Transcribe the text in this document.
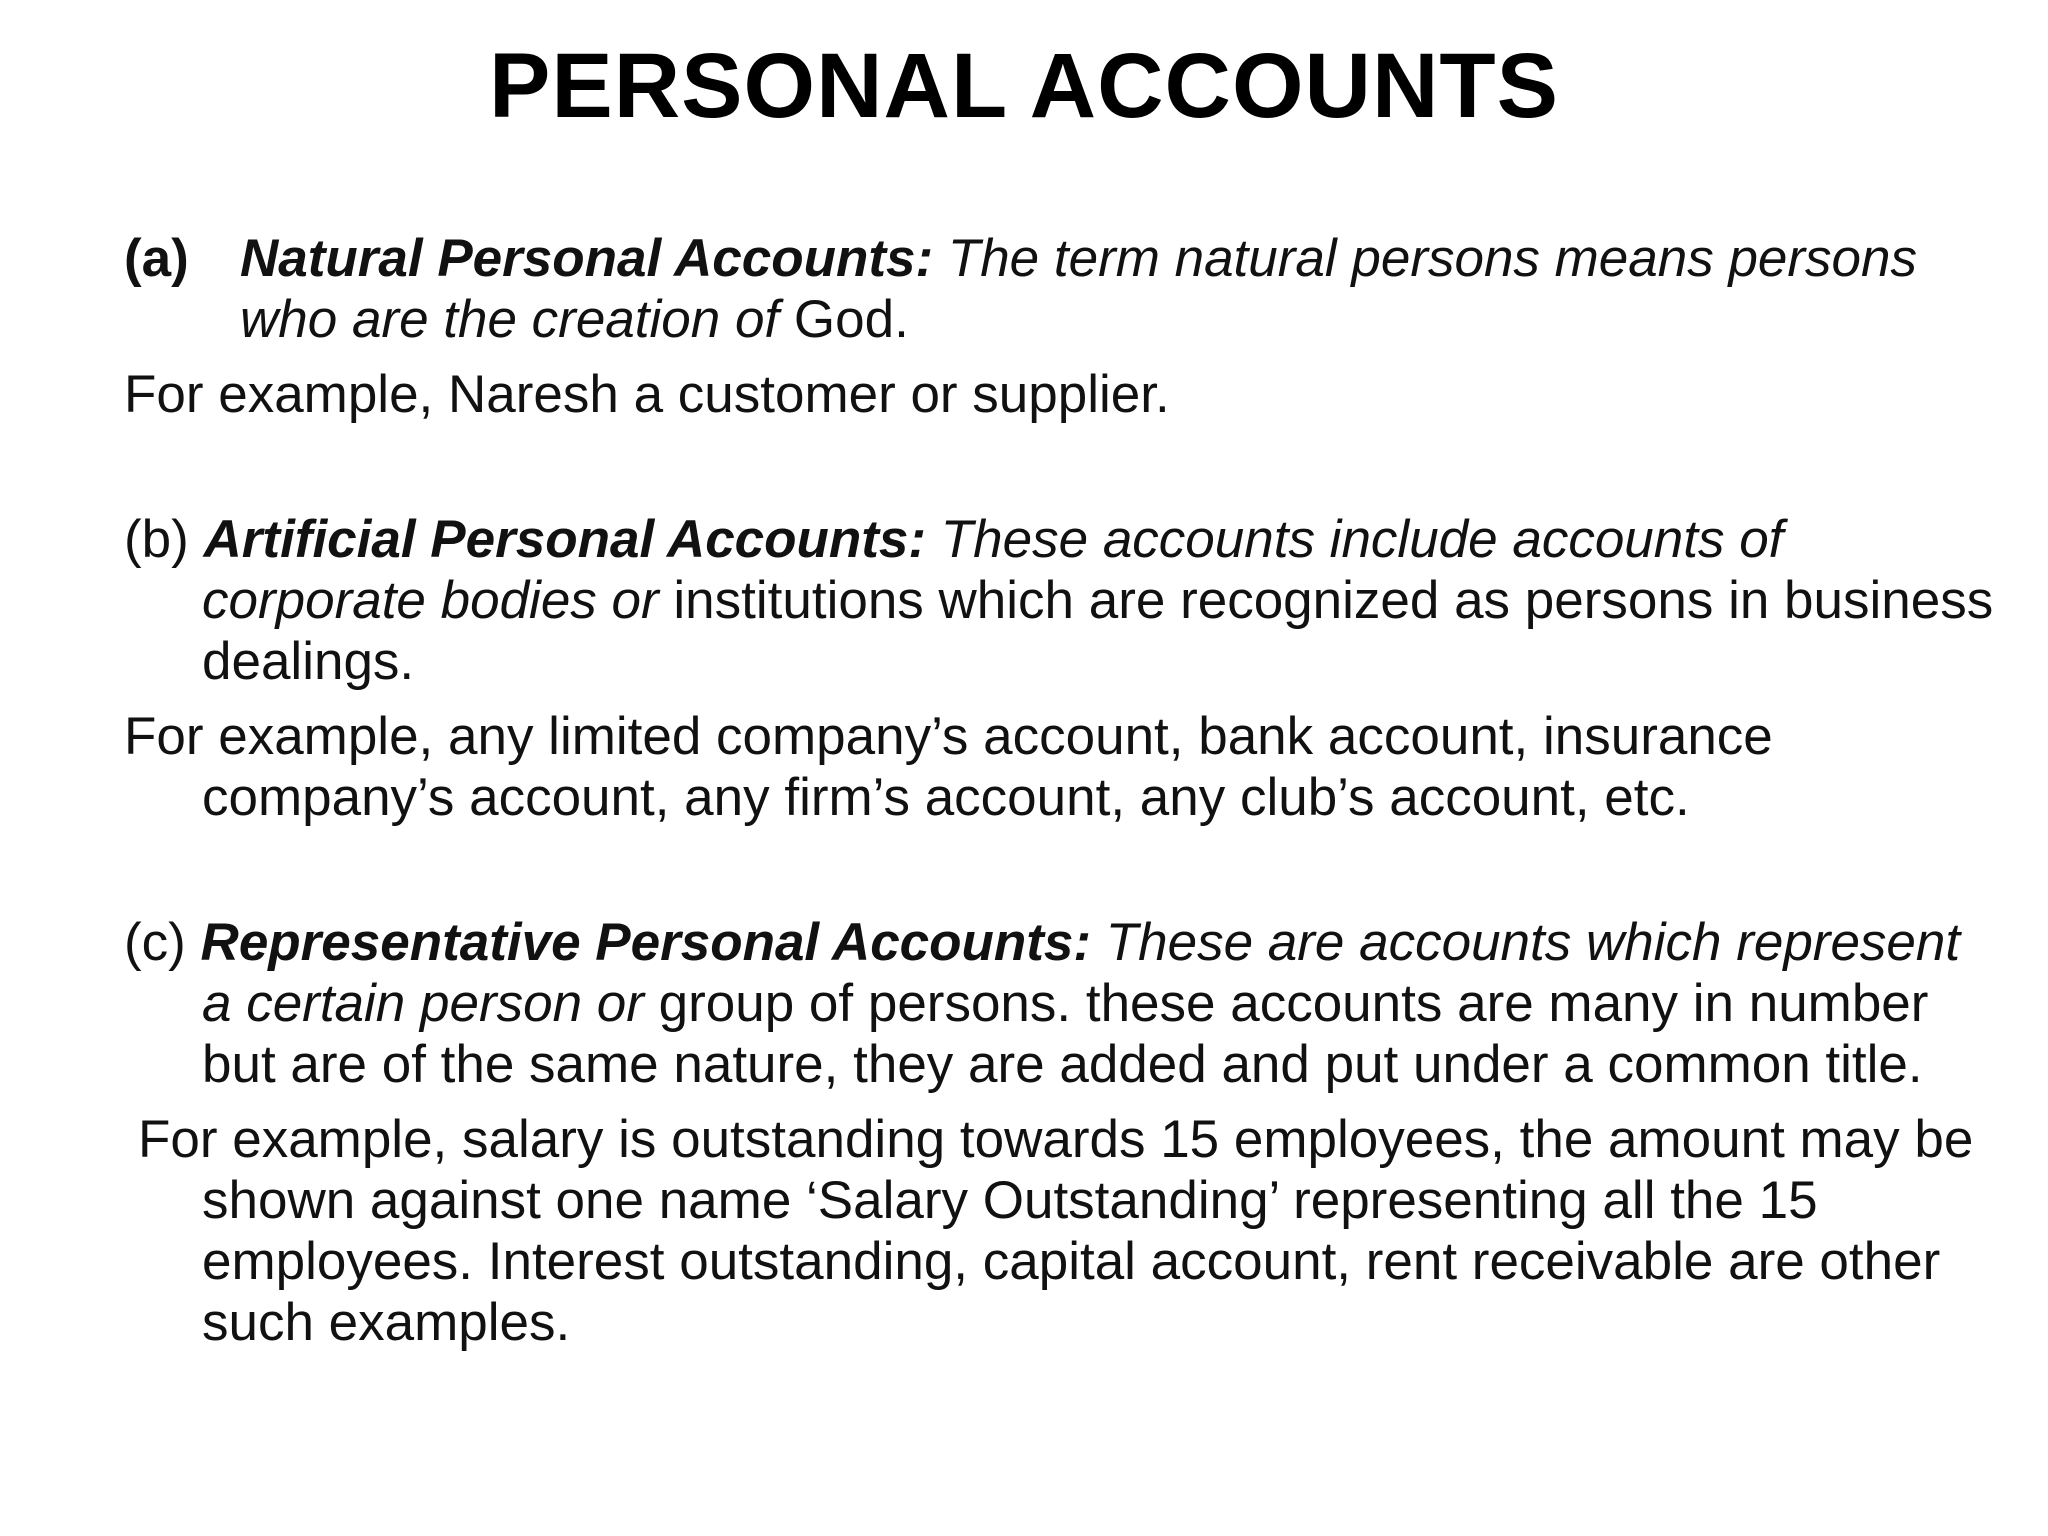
PERSONAL ACCOUNTS

(a) Natural Personal Accounts: The term natural persons means persons who are the creation of God.

For example, Naresh a customer or supplier.

(b) Artificial Personal Accounts: These accounts include accounts of corporate bodies or institutions which are recognized as persons in business dealings.

For example, any limited company’s account, bank account, insurance company’s account, any firm’s account, any club’s account, etc.

(c) Representative Personal Accounts: These are accounts which represent a certain person or group of persons. these accounts are many in number but are of the same nature, they are added and put under a common title.

For example, salary is outstanding towards 15 employees, the amount may be shown against one name ‘Salary Outstanding’ representing all the 15 employees. Interest outstanding, capital account, rent receivable are other such examples.
